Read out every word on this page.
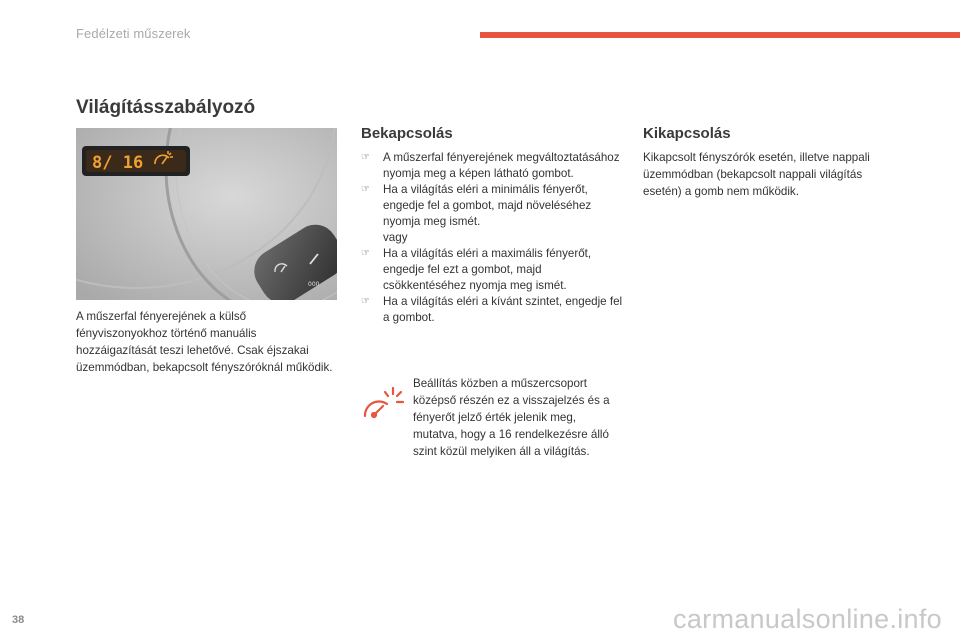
Fedélzeti műszerek
Világításszabályozó
8/ 16
000
A műszerfal fényerejének a külső fényviszonyokhoz történő manuális hozzáigazítását teszi lehetővé. Csak éjszakai üzemmódban, bekapcsolt fényszóróknál működik.
Bekapcsolás
☞ A műszerfal fényerejének megváltoztatásához nyomja meg a képen látható gombot.
☞ Ha a világítás eléri a minimális fényerőt, engedje fel a gombot, majd növeléséhez nyomja meg ismét.
vagy
☞ Ha a világítás eléri a maximális fényerőt, engedje fel ezt a gombot, majd csökkentéséhez nyomja meg ismét.
☞ Ha a világítás eléri a kívánt szintet, engedje fel a gombot.
Beállítás közben a műszercsoport középső részén ez a visszajelzés és a fényerőt jelző érték jelenik meg, mutatva, hogy a 16 rendelkezésre álló szint közül melyiken áll a világítás.
Kikapcsolás
Kikapcsolt fényszórók esetén, illetve nappali üzemmódban (bekapcsolt nappali világítás esetén) a gomb nem működik.
38	carmanualsonline.info
